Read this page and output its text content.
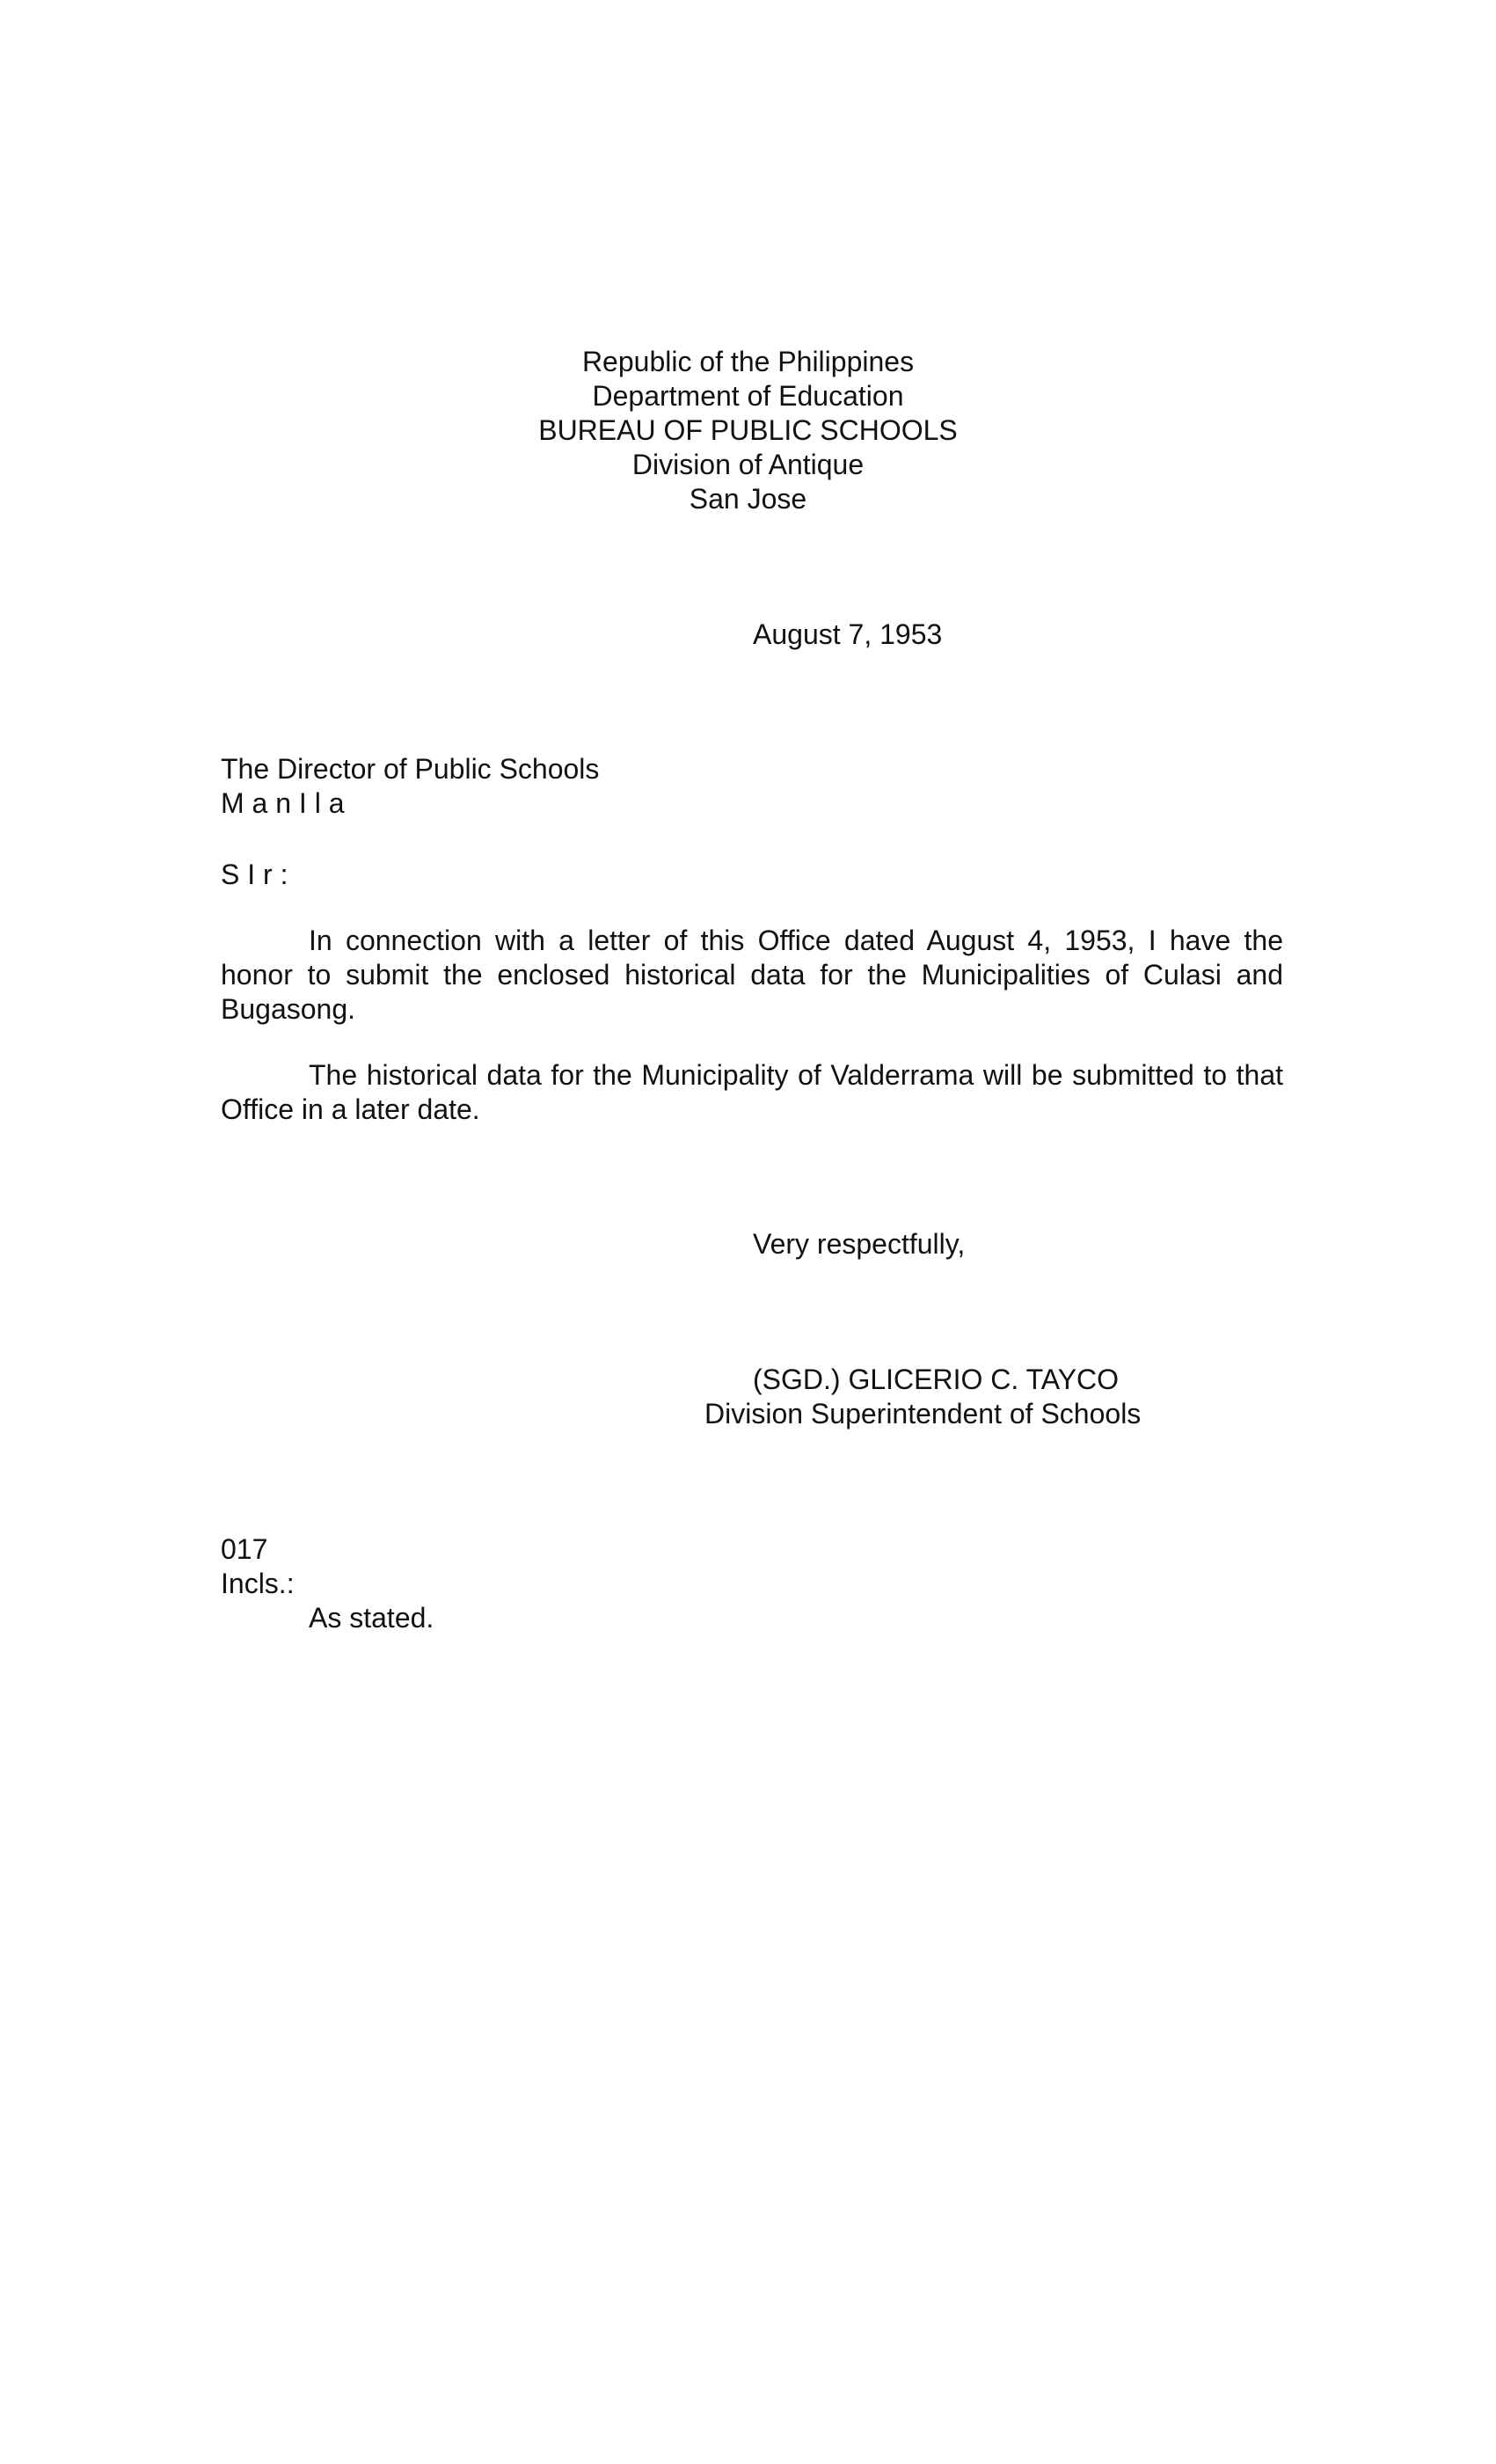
Republic of the Philippines
Department of Education
BUREAU OF PUBLIC SCHOOLS
Division of Antique
San Jose
August 7, 1953
The Director of Public Schools
M a n I l a
S I r :

In connection with a letter of this Office dated August 4, 1953, I have the honor to submit the enclosed historical data for the Municipalities of Culasi and Bugasong.

The historical data for the Municipality of Valderrama will be submitted to that Office in a later date.

Very respectfully,
(SGD.) GLICERIO C. TAYCO
Division Superintendent of Schools
017
Incls.:
As stated.
